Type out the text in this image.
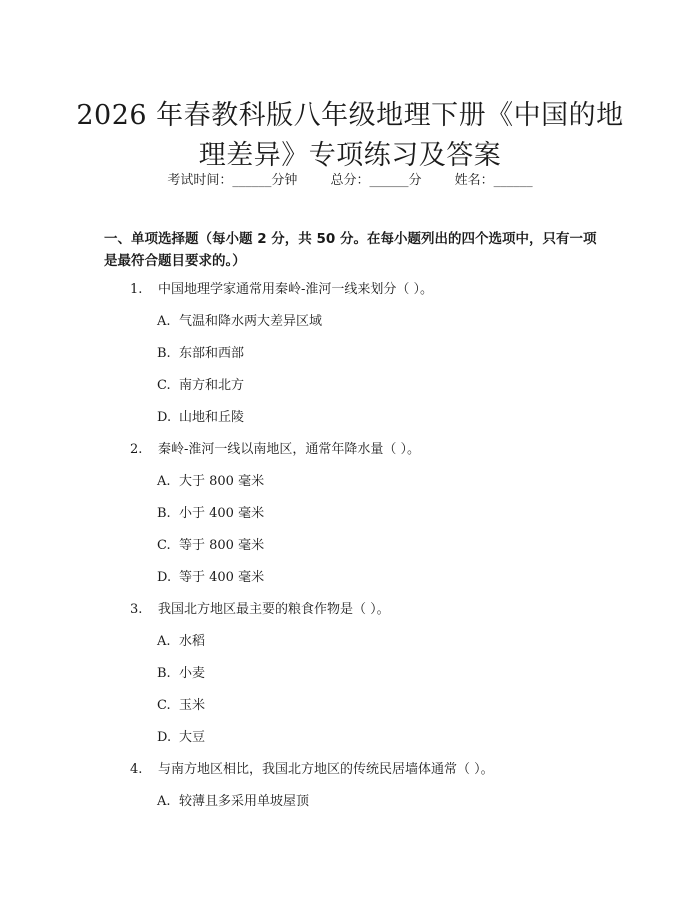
2026 年春教科版八年级地理下册《中国的地
理差异》专项练习及答案
考试时间：______分钟	总分：______分	姓名：______
一、单项选择题（每小题 2 分，共 50 分。在每小题列出的四个选项中，只有一项
是最符合题目要求的。）
1. 中国地理学家通常用秦岭-淮河一线来划分（ ）。
A. 气温和降水两大差异区域
B. 东部和西部
C. 南方和北方
D. 山地和丘陵
2. 秦岭-淮河一线以南地区，通常年降水量（ ）。
A. 大于 800 毫米
B. 小于 400 毫米
C. 等于 800 毫米
D. 等于 400 毫米
3. 我国北方地区最主要的粮食作物是（ ）。
A. 水稻
B. 小麦
C. 玉米
D. 大豆
4. 与南方地区相比，我国北方地区的传统民居墙体通常（ ）。
A. 较薄且多采用单坡屋顶
